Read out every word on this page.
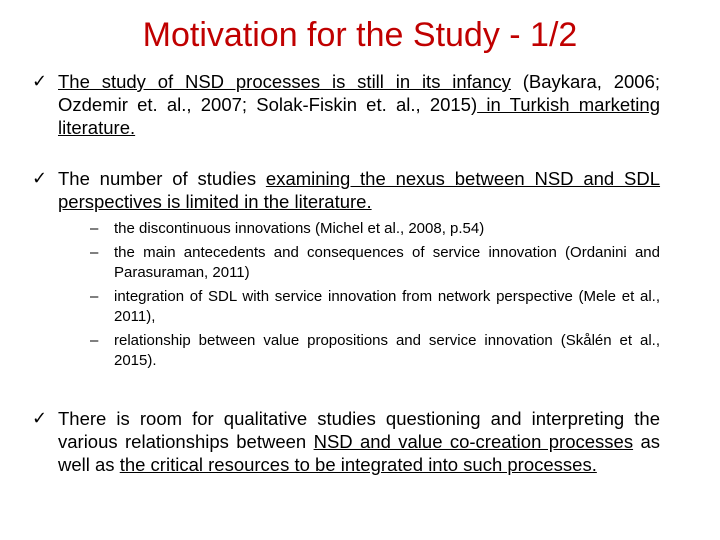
Motivation for the Study - 1/2
✓ The study of NSD processes is still in its infancy (Baykara, 2006; Ozdemir et. al., 2007; Solak-Fiskin et. al., 2015) in Turkish marketing literature.
✓ The number of studies examining the nexus between NSD and SDL perspectives is limited in the literature.
–	the discontinuous innovations (Michel et al., 2008, p.54)
–	the main antecedents and consequences of service innovation (Ordanini and Parasuraman, 2011)
–	integration of SDL with service innovation from network perspective (Mele et al., 2011),
–	relationship between value propositions and service innovation (Skålén et al., 2015).
✓ There is room for qualitative studies questioning and interpreting the various relationships between NSD and value co-creation processes as well as the critical resources to be integrated into such processes.
